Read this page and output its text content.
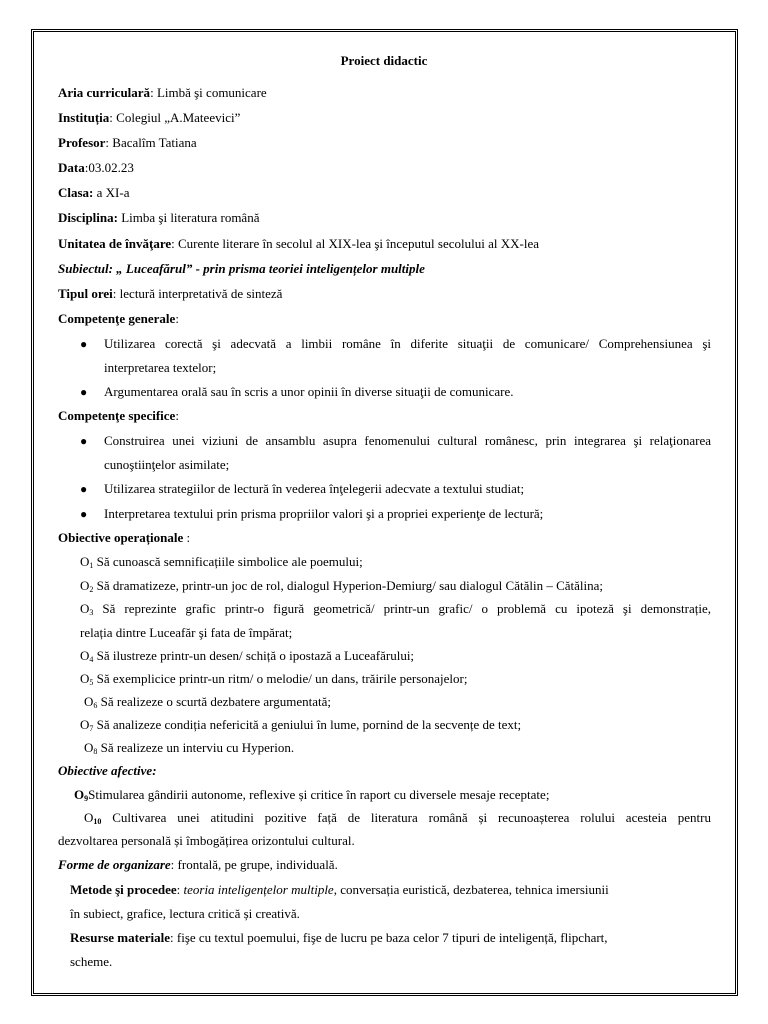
Proiect didactic
Aria curriculară: Limbă şi comunicare
Instituția: Colegiul „A.Mateevici”
Profesor: Bacalîm Tatiana
Data:03.02.23
Clasa: a XI-a
Disciplina: Limba şi literatura română
Unitatea de învăţare: Curente literare în secolul al XIX-lea şi începutul secolului al XX-lea
Subiectul: „ Luceafărul” - prin prisma teoriei inteligențelor multiple
Tipul orei: lectură interpretativă de sinteză
Competenţe generale:
● Utilizarea corectă şi adecvată a limbii române în diferite situaţii de comunicare/ Comprehensiunea şi
interpretarea textelor;
● Argumentarea orală sau în scris a unor opinii în diverse situaţii de comunicare.
Competenţe specifice:
● Construirea unei viziuni de ansamblu asupra fenomenului cultural românesc, prin integrarea şi relaţionarea
cunoştiinţelor asimilate;
● Utilizarea strategiilor de lectură în vederea înţelegerii adecvate a textului studiat;
● Interpretarea textului prin prisma propriilor valori şi a propriei experienţe de lectură;
Obiective operaționale :
$O_1$ Să cunoască semnificațiile simbolice ale poemului;
$O_2$ Să dramatizeze, printr-un joc de rol, dialogul Hyperion-Demiurg/ sau dialogul Cătălin – Cătălina;
$O_3$ Să reprezinte grafic printr-o figură geometrică/ printr-un grafic/ o problemă cu ipoteză şi demonstrație,
relația dintre Luceafăr şi fata de împărat;
$O_4$ Să ilustreze printr-un desen/ schiță o ipostază a Luceafărului;
$O_5$ Să exemplicice printr-un ritm/ o melodie/ un dans, trăirile personajelor;
$O_6$ Să realizeze o scurtă dezbatere argumentată;
$O_7$ Să analizeze condiția nefericită a geniului în lume, pornind de la secvențe de text;
$O_8$ Să realizeze un interviu cu Hyperion.
Obiective afective:
$O_9Stimularea$ gândirii autonome, reflexive și critice în raport cu diversele mesaje receptate;
$O_{10}$ Cultivarea unei atitudini pozitive față de literatura română și recunoașterea rolului acesteia pentru
dezvoltarea personală și îmbogățirea orizontului cultural.
Forme de organizare: frontală, pe grupe, individuală.
Metode şi procedee: teoria inteligențelor multiple, conversația euristică, dezbaterea, tehnica imersiunii
în subiect, grafice, lectura critică și creativă.
Resurse materiale: fişe cu textul poemului, fişe de lucru pe baza celor 7 tipuri de inteligență, flipchart,
scheme.
